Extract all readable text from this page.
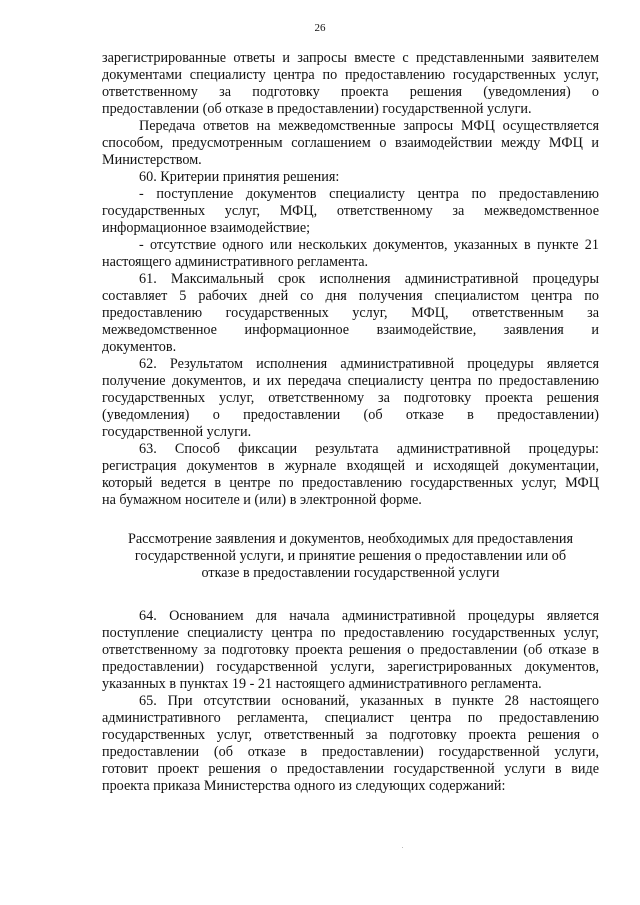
26
зарегистрированные ответы и запросы вместе с представленными заявителем
документами специалисту центра по предоставлению государственных услуг,
ответственному за подготовку проекта решения (уведомления) о
предоставлении (об отказе в предоставлении) государственной услуги.
Передача ответов на межведомственные запросы МФЦ осуществляется
способом, предусмотренным соглашением о взаимодействии между МФЦ и
Министерством.
60. Критерии принятия решения:
- поступление документов специалисту центра по предоставлению
государственных услуг, МФЦ, ответственному за межведомственное
информационное взаимодействие;
- отсутствие одного или нескольких документов, указанных в пункте 21
настоящего административного регламента.
61. Максимальный срок исполнения административной процедуры
составляет 5 рабочих дней со дня получения специалистом центра по
предоставлению государственных услуг, МФЦ, ответственным за
межведомственное информационное взаимодействие, заявления и
документов.
62. Результатом исполнения административной процедуры является
получение документов, и их передача специалисту центра по предоставлению
государственных услуг, ответственному за подготовку проекта решения
(уведомления) о предоставлении (об отказе в предоставлении)
государственной услуги.
63. Способ фиксации результата административной процедуры:
регистрация документов в журнале входящей и исходящей документации,
который ведется в центре по предоставлению государственных услуг, МФЦ
на бумажном носителе и (или) в электронной форме.
Рассмотрение заявления и документов, необходимых для предоставления
государственной услуги, и принятие решения о предоставлении или об
отказе в предоставлении государственной услуги
64. Основанием для начала административной процедуры является
поступление специалисту центра по предоставлению государственных услуг,
ответственному за подготовку проекта решения о предоставлении (об отказе в
предоставлении) государственной услуги, зарегистрированных документов,
указанных в пунктах 19 - 21 настоящего административного регламента.
65. При отсутствии оснований, указанных в пункте 28 настоящего
административного регламента, специалист центра по предоставлению
государственных услуг, ответственный за подготовку проекта решения о
предоставлении (об отказе в предоставлении) государственной услуги,
готовит проект решения о предоставлении государственной услуги в виде
проекта приказа Министерства одного из следующих содержаний:
